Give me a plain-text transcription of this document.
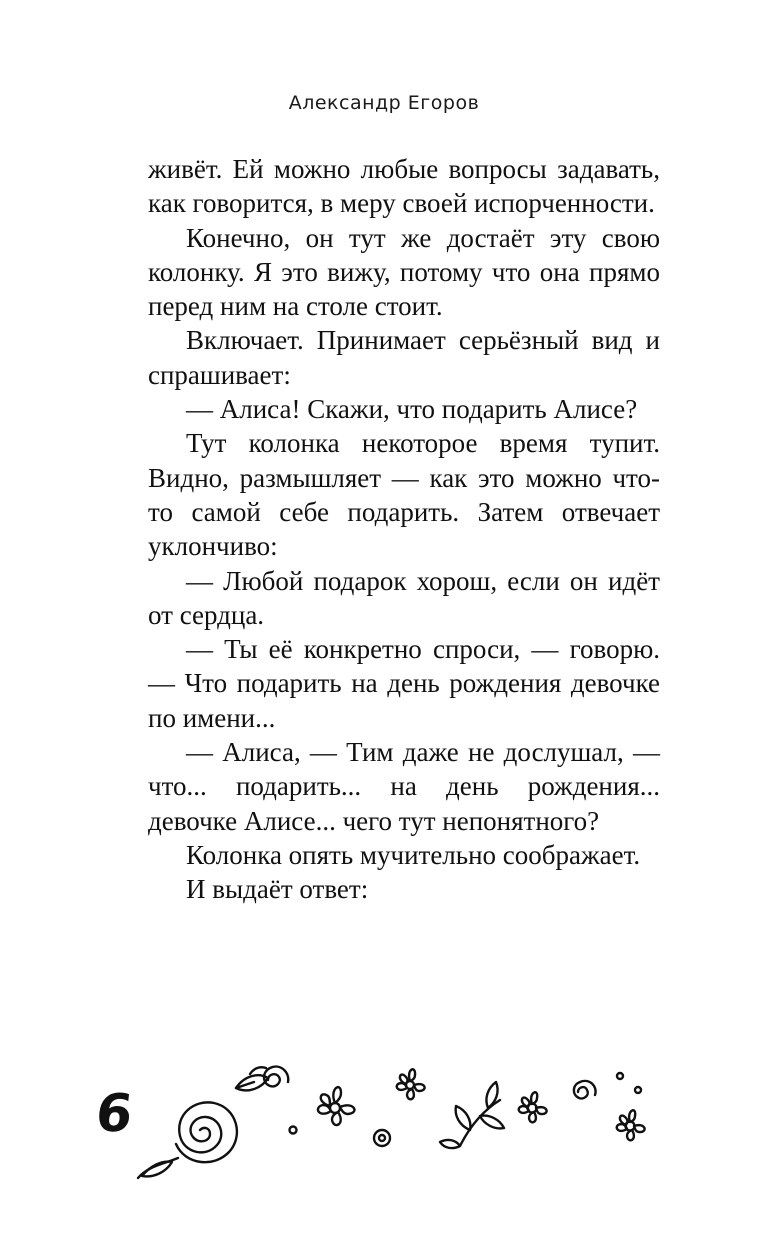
Александр Егоров

живёт. Ей можно любые вопросы задавать, как говорится, в меру своей испорченности.

Конечно, он тут же достаёт эту свою колонку. Я это вижу, потому что она прямо перед ним на столе стоит.

Включает. Принимает серьёзный вид и спрашивает:

— Алиса! Скажи, что подарить Алисе?

Тут колонка некоторое время тупит. Видно, размышляет — как это можно что-то самой себе подарить. Затем отвечает уклончиво:

— Любой подарок хорош, если он идёт от сердца.

— Ты её конкретно спроси, — говорю. — Что подарить на день рождения девочке по имени...

— Алиса, — Тим даже не дослушал, — что... подарить... на день рождения... девочке Алисе... чего тут непонятного?

Колонка опять мучительно соображает.

И выдаёт ответ:

6
